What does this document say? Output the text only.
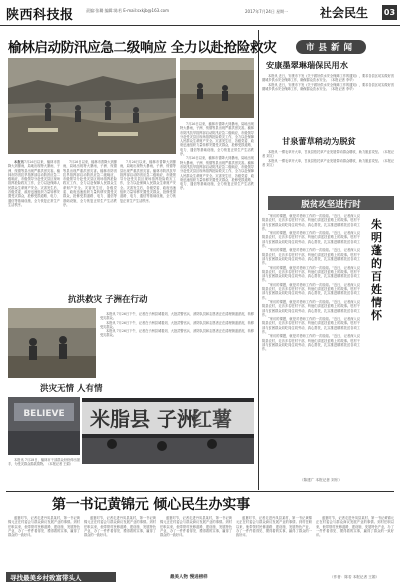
陕西科技报	责编:张璐 编辑:陈若 E-mail:sxkjb@163.com	2017年7月24日 星期一	社会民生 03
榆林启动防汛应急二级响应 全力以赴抢险救灾

本报讯7月26日以来，榆林市普降大到暴雨，局地出现特大暴雨，子洲、绥德等县出现严重洪涝灾害。榆林市防汛抗旱指挥部启动防汛应急二级响应，市级领导分赴受灾县区现场指挥抢险救灾工作，全力以赴保障人民群众生命财产安全。灾害发生后，各级党委、政府迅速组织力量转移安置受灾群众，抢修受损道路、电力、通信等基础设施，全力恢复正常生产生活秩序。

7月26日以来，榆林市普降大到暴雨，局地出现特大暴雨，子洲、绥德等县出现严重洪涝灾害。榆林市防汛抗旱指挥部启动防汛应急二级响应，市级领导分赴受灾县区现场指挥抢险救灾工作，全力以赴保障人民群众生命财产安全。灾害发生后，各级党委、政府迅速组织力量转移安置受灾群众，抢修受损道路、电力、通信等基础设施，全力恢复正常生产生活秩序。

7月26日以来，榆林市普降大到暴雨，局地出现特大暴雨，子洲、绥德等县出现严重洪涝灾害。榆林市防汛抗旱指挥部启动防汛应急二级响应，市级领导分赴受灾县区现场指挥抢险救灾工作，全力以赴保障人民群众生命财产安全。灾害发生后，各级党委、政府迅速组织力量转移安置受灾群众，抢修受损道路、电力、通信等基础设施，全力恢复正常生产生活秩序。

7月26日以来，榆林市普降大到暴雨，局地出现特大暴雨，子洲、绥德等县出现严重洪涝灾害。榆林市防汛抗旱指挥部启动防汛应急二级响应，市级领导分赴受灾县区现场指挥抢险救灾工作，全力以赴保障人民群众生命财产安全。灾害发生后，各级党委、政府迅速组织力量转移安置受灾群众，抢修受损道路、电力、通信等基础设施，全力恢复正常生产生活秩序。

7月26日以来，榆林市普降大到暴雨，局地出现特大暴雨，子洲、绥德等县出现严重洪涝灾害。榆林市防汛抗旱指挥部启动防汛应急二级响应，市级领导分赴受灾县区现场指挥抢险救灾工作，全力以赴保障人民群众生命财产安全。灾害发生后，各级党委、政府迅速组织力量转移安置受灾群众，抢修受损道路、电力、通信等基础设施，全力恢复正常生产生活秩序。

抗洪救灾 子洲在行动

本报讯 7月26日下午，记者在子洲县城看到，大批武警官兵、消防队员和志愿者正在清理街道淤泥，转移受灾群众。

本报讯 7月26日下午，记者在子洲县城看到，大批武警官兵、消防队员和志愿者正在清理街道淤泥，转移受灾群众。

本报讯 7月26日下午，记者在子洲县城看到，大批武警官兵、消防队员和志愿者正在清理街道淤泥，转移受灾群众。

洪灾无情 人有情
BELIEVE 米脂县 子洲
红薯

本报讯 7月28日，榆林市干部群众纷纷伸出援手，为受灾群众捐款捐物。（本报记者 王娟）

市县新闻
安康墨翠琳瑞保民用水

本报讯 近日，安康市下发《关于做好供水安全保障工作的通知》，要求各县区切实做好汛期城乡供水安全保障工作，确保群众饮水安全。（本报记者 李华）

本报讯 近日，安康市下发《关于做好供水安全保障工作的通知》，要求各县区切实做好汛期城乡供水安全保障工作，确保群众饮水安全。（本报记者 李华）

甘泉蕾草稍动为脱贫

本报讯 一棵毛草开大单，甘泉县依托草产业发展带动群众增收，助力脱贫攻坚。（本报记者 刘文）

本报讯 一棵毛草开大单，甘泉县依托草产业发展带动群众增收，助力脱贫攻坚。（本报记者 刘文）

脱贫攻坚进行时

“家访的课题，就是对老师工作的一次检阅。”近日，记者深入汉阴县农村，走访多名驻村干部，听他们讲述扶贫路上的故事。驻村干部与贫困群众同吃同住同劳动，真心帮扶，扎实推进精准扶贫各项工作。

“家访的课题，就是对老师工作的一次检阅。”近日，记者深入汉阴县农村，走访多名驻村干部，听他们讲述扶贫路上的故事。驻村干部与贫困群众同吃同住同劳动，真心帮扶，扎实推进精准扶贫各项工作。

“家访的课题，就是对老师工作的一次检阅。”近日，记者深入汉阴县农村，走访多名驻村干部，听他们讲述扶贫路上的故事。驻村干部与贫困群众同吃同住同劳动，真心帮扶，扎实推进精准扶贫各项工作。

“家访的课题，就是对老师工作的一次检阅。”近日，记者深入汉阴县农村，走访多名驻村干部，听他们讲述扶贫路上的故事。驻村干部与贫困群众同吃同住同劳动，真心帮扶，扎实推进精准扶贫各项工作。

“家访的课题，就是对老师工作的一次检阅。”近日，记者深入汉阴县农村，走访多名驻村干部，听他们讲述扶贫路上的故事。驻村干部与贫困群众同吃同住同劳动，真心帮扶，扎实推进精准扶贫各项工作。

“家访的课题，就是对老师工作的一次检阅。”近日，记者深入汉阴县农村，走访多名驻村干部，听他们讲述扶贫路上的故事。驻村干部与贫困群众同吃同住同劳动，真心帮扶，扎实推进精准扶贫各项工作。

“家访的课题，就是对老师工作的一次检阅。”近日，记者深入汉阴县农村，走访多名驻村干部，听他们讲述扶贫路上的故事。驻村干部与贫困群众同吃同住同劳动，真心帮扶，扎实推进精准扶贫各项工作。

“家访的课题，就是对老师工作的一次检阅。”近日，记者深入汉阴县农村，走访多名驻村干部，听他们讲述扶贫路上的故事。驻村干部与贫困群众同吃同住同劳动，真心帮扶，扎实推进精准扶贫各项工作。

朱明蓬的百姓情怀
（陈建广 本报记者 刘东）
第一书记黄锦元 倾心民生办实事

盛夏时节，记者走进丹凤县某村，第一书记黄锦元正在村委会与群众商议发展产业的事情。到村任职以来，他带领村民修道路、建设施、发展特色产业，办了一件件看得见、摸得着的实事，赢得了群众的一致好评。

盛夏时节，记者走进丹凤县某村，第一书记黄锦元正在村委会与群众商议发展产业的事情。到村任职以来，他带领村民修道路、建设施、发展特色产业，办了一件件看得见、摸得着的实事，赢得了群众的一致好评。

盛夏时节，记者走进丹凤县某村，第一书记黄锦元正在村委会与群众商议发展产业的事情。到村任职以来，他带领村民修道路、建设施、发展特色产业，办了一件件看得见、摸得着的实事，赢得了群众的一致好评。

盛夏时节，记者走进丹凤县某村，第一书记黄锦元正在村委会与群众商议发展产业的事情。到村任职以来，他带领村民修道路、建设施、发展特色产业，办了一件件看得见、摸得着的实事，赢得了群众的一致好评。

盛夏时节，记者走进丹凤县某村，第一书记黄锦元正在村委会与群众商议发展产业的事情。到村任职以来，他带领村民修道路、建设施、发展特色产业，办了一件件看得见、摸得着的实事，赢得了群众的一致好评。

寻找最美乡村致富带头人	最美人物 慢进榜样	（作者：陈若 本报记者 王娟）
